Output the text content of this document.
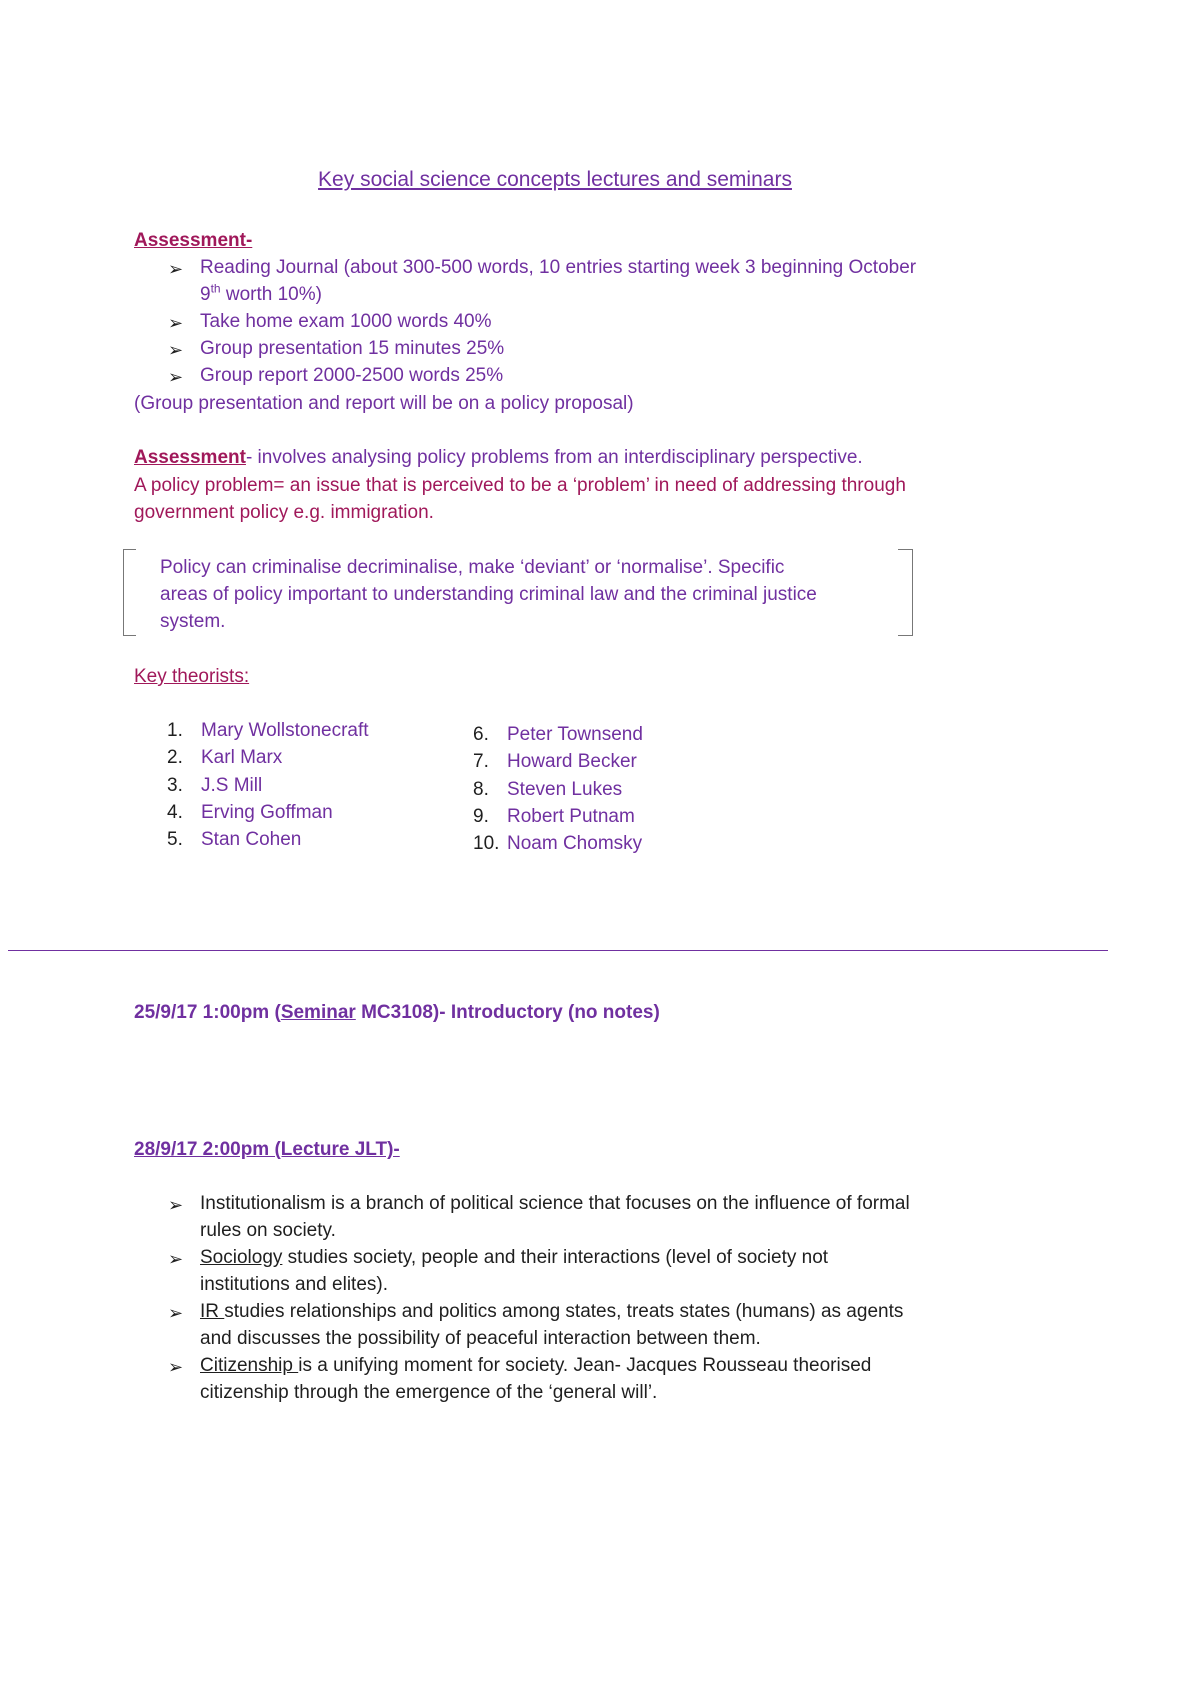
Key social science concepts lectures and seminars
Assessment-
➢ Reading Journal (about 300-500 words, 10 entries starting week 3 beginning October
9th worth 10%)
➢ Take home exam 1000 words 40%
➢ Group presentation 15 minutes 25%
➢ Group report 2000-2500 words 25%
(Group presentation and report will be on a policy proposal)
Assessment- involves analysing policy problems from an interdisciplinary perspective.
A policy problem= an issue that is perceived to be a ‘problem’ in need of addressing through
government policy e.g. immigration.
Policy can criminalise decriminalise, make ‘deviant’ or ‘normalise’. Specific
areas of policy important to understanding criminal law and the criminal justice
system.
Key theorists:
1. Mary Wollstonecraft
2. Karl Marx
3. J.S Mill
4. Erving Goffman
5. Stan Cohen
6. Peter Townsend
7. Howard Becker
8. Steven Lukes
9. Robert Putnam
10. Noam Chomsky
25/9/17 1:00pm (Seminar MC3108)- Introductory (no notes)
28/9/17 2:00pm (Lecture JLT)-
➢ Institutionalism is a branch of political science that focuses on the influence of formal
rules on society.
➢ Sociology studies society, people and their interactions (level of society not
institutions and elites).
➢ IR studies relationships and politics among states, treats states (humans) as agents
and discusses the possibility of peaceful interaction between them.
➢ Citizenship is a unifying moment for society. Jean- Jacques Rousseau theorised
citizenship through the emergence of the ‘general will’.
